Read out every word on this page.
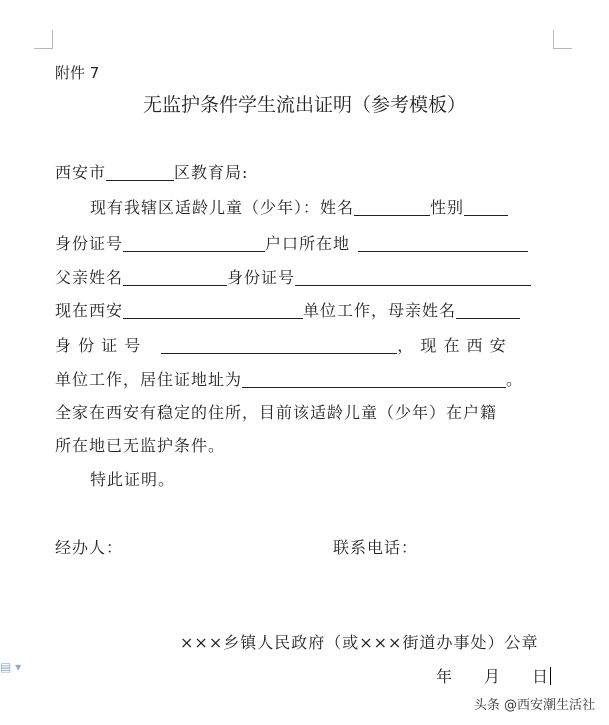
附件 7
无监护条件学生流出证明（参考模板）
西安市	区教育局:
现有我辖区适龄儿童（少年）：姓名	性别
身份证号	户口所在地
父亲姓名	身份证号
现在西安	单位工作，母亲姓名
身 份 证 号	， 现 在 西 安
单位工作，居住证地址为	。
全家在西安有稳定的住所，目前该适龄儿童（少年）在户籍
所在地已无监护条件。
特此证明。
经办人：	联系电话：
×××乡镇人民政府（或×××街道办事处）公章
年　　月　　日
▤ ▾
头条 @西安潮生活社
